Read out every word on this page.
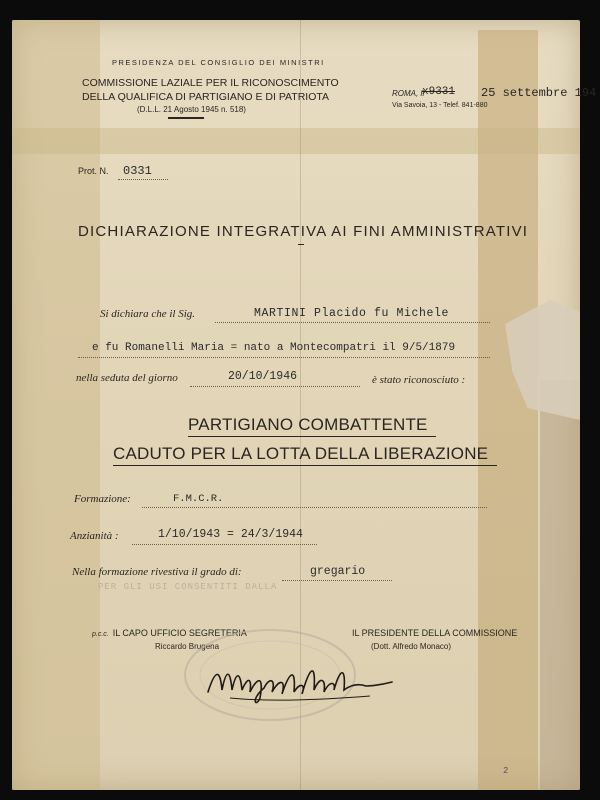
PRESIDENZA DEL CONSIGLIO DEI MINISTRI
COMMISSIONE LAZIALE PER IL RICONOSCIMENTO
DELLA QUALIFICA DI PARTIGIANO E DI PATRIOTA
(D.L.L. 21 Agosto 1945 n. 518)
ROMA, lì
x9331 25 settembre 194
Via Savoia, 13 - Telef. 841-880
Prot. N. 0331
DICHIARAZIONE INTEGRATIVA AI FINI AMMINISTRATIVI
Si dichiara che il Sig.	MARTINI Placido fu Michele
e fu Romanelli Maria = nato a Montecompatri il 9/5/1879
nella seduta del giorno	20/10/1946	è stato riconosciuto :
PARTIGIANO COMBATTENTE
CADUTO PER LA LOTTA DELLA LIBERAZIONE
Formazione:	F.M.C.R.
Anzianità :	1/10/1943 = 24/3/1944
Nella formazione rivestiva il grado di:	gregario
PER GLI USI CONSENTITI DALLA
p.c.c. IL CAPO UFFICIO SEGRETERIA
Riccardo Brugena
IL PRESIDENTE DELLA COMMISSIONE
(Dott. Alfredo Monaco)
2
